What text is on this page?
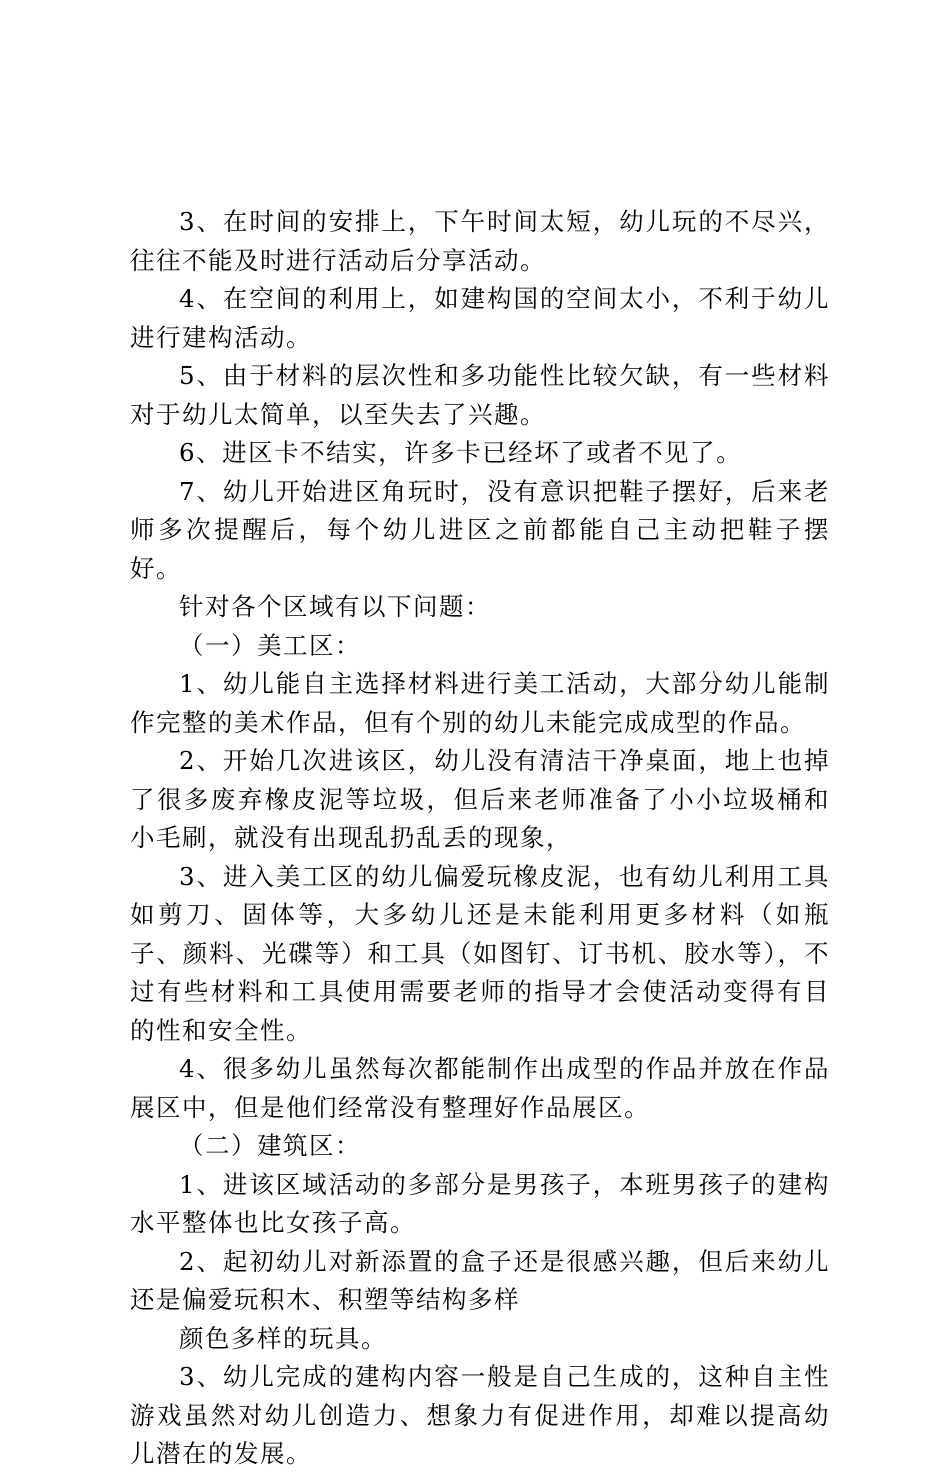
3、在时间的安排上，下午时间太短，幼儿玩的不尽兴，往往不能及时进行活动后分享活动。

4、在空间的利用上，如建构国的空间太小，不利于幼儿进行建构活动。

5、由于材料的层次性和多功能性比较欠缺，有一些材料对于幼儿太简单，以至失去了兴趣。

6、进区卡不结实，许多卡已经坏了或者不见了。

7、幼儿开始进区角玩时，没有意识把鞋子摆好，后来老师多次提醒后，每个幼儿进区之前都能自己主动把鞋子摆好。

针对各个区域有以下问题：

（一）美工区：

1、幼儿能自主选择材料进行美工活动，大部分幼儿能制作完整的美术作品，但有个别的幼儿未能完成成型的作品。

2、开始几次进该区，幼儿没有清洁干净桌面，地上也掉了很多废弃橡皮泥等垃圾，但后来老师准备了小小垃圾桶和小毛刷，就没有出现乱扔乱丢的现象，

3、进入美工区的幼儿偏爱玩橡皮泥，也有幼儿利用工具如剪刀、固体等，大多幼儿还是未能利用更多材料（如瓶子、颜料、光碟等）和工具（如图钉、订书机、胶水等），不过有些材料和工具使用需要老师的指导才会使活动变得有目的性和安全性。

4、很多幼儿虽然每次都能制作出成型的作品并放在作品展区中，但是他们经常没有整理好作品展区。

（二）建筑区：

1、进该区域活动的多部分是男孩子，本班男孩子的建构水平整体也比女孩子高。

2、起初幼儿对新添置的盒子还是很感兴趣，但后来幼儿还是偏爱玩积木、积塑等结构多样

颜色多样的玩具。

3、幼儿完成的建构内容一般是自己生成的，这种自主性游戏虽然对幼儿创造力、想象力有促进作用，却难以提高幼儿潜在的发展。
